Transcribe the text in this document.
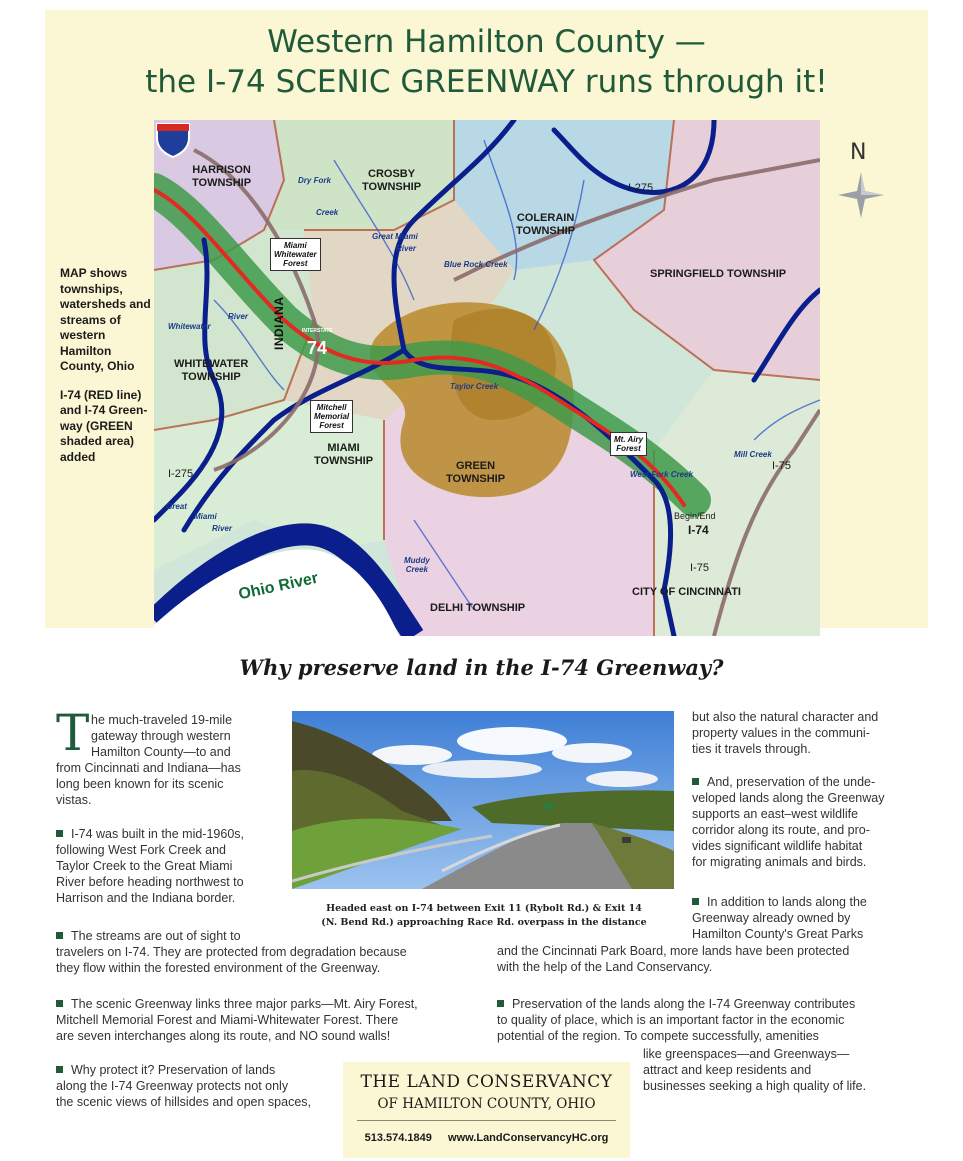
Western Hamilton County —
the I-74 SCENIC GREENWAY runs through it!
INDIANA
HARRISON
TOWNSHIP
CROSBY
TOWNSHIP
COLERAIN
TOWNSHIP
SPRINGFIELD TOWNSHIP
WHITEWATER
TOWNSHIP
MIAMI
TOWNSHIP	GREEN
TOWNSHIP
DELHI TOWNSHIP
CITY OF CINCINNATI
Miami
Whitewater
Forest
Mitchell
Memorial
Forest
Mt. Airy
Forest
Dry Fork
Creek
Great Miami
River
Blue Rock Creek
Whitewater
River
Taylor Creek
West Fork Creek
Mill Creek
Muddy
Creek
Great
Miami
River
I-275
I-275
I-75
I-75
I-74
Begin/End
Ohio River
INTERSTATE
74
N

MAP shows townships, watersheds and streams of western Hamilton County, Ohio

I-74 (RED line) and I-74 Green-way (GREEN shaded area) added

Why preserve land in the I-74 Greenway?
T he much-traveled 19-mile
gateway through western
Hamilton County—to and
from Cincinnati and Indiana—has
long been known for its scenic
vistas.
I-74 was built in the mid-1960s,
following West Fork Creek and
Taylor Creek to the Great Miami
River before heading northwest to
Harrison and the Indiana border.
The streams are out of sight to
travelers on I-74. They are protected from degradation because
they flow within the forested environment of the Greenway.
The scenic Greenway links three major parks—Mt. Airy Forest,
Mitchell Memorial Forest and Miami-Whitewater Forest. There
are seven interchanges along its route, and NO sound walls!
Why protect it? Preservation of lands
along the I-74 Greenway protects not only
the scenic views of hillsides and open spaces,
Headed east on I-74 between Exit 11 (Rybolt Rd.) & Exit 14
(N. Bend Rd.) approaching Race Rd. overpass in the distance
but also the natural character and
property values in the communi-
ties it travels through.
And, preservation of the unde-
veloped lands along the Greenway
supports an east–west wildlife
corridor along its route, and pro-
vides significant wildlife habitat
for migrating animals and birds.
In addition to lands along the
Greenway already owned by
Hamilton County's Great Parks
and the Cincinnati Park Board, more lands have been protected
with the help of the Land Conservancy.
Preservation of the lands along the I-74 Greenway contributes
to quality of place, which is an important factor in the economic
potential of the region. To compete successfully, amenities
like greenspaces—and Greenways—
attract and keep residents and
businesses seeking a high quality of life.
THE LAND CONSERVANCY
OF HAMILTON COUNTY, OHIO
513.574.1849 www.LandConservancyHC.org
